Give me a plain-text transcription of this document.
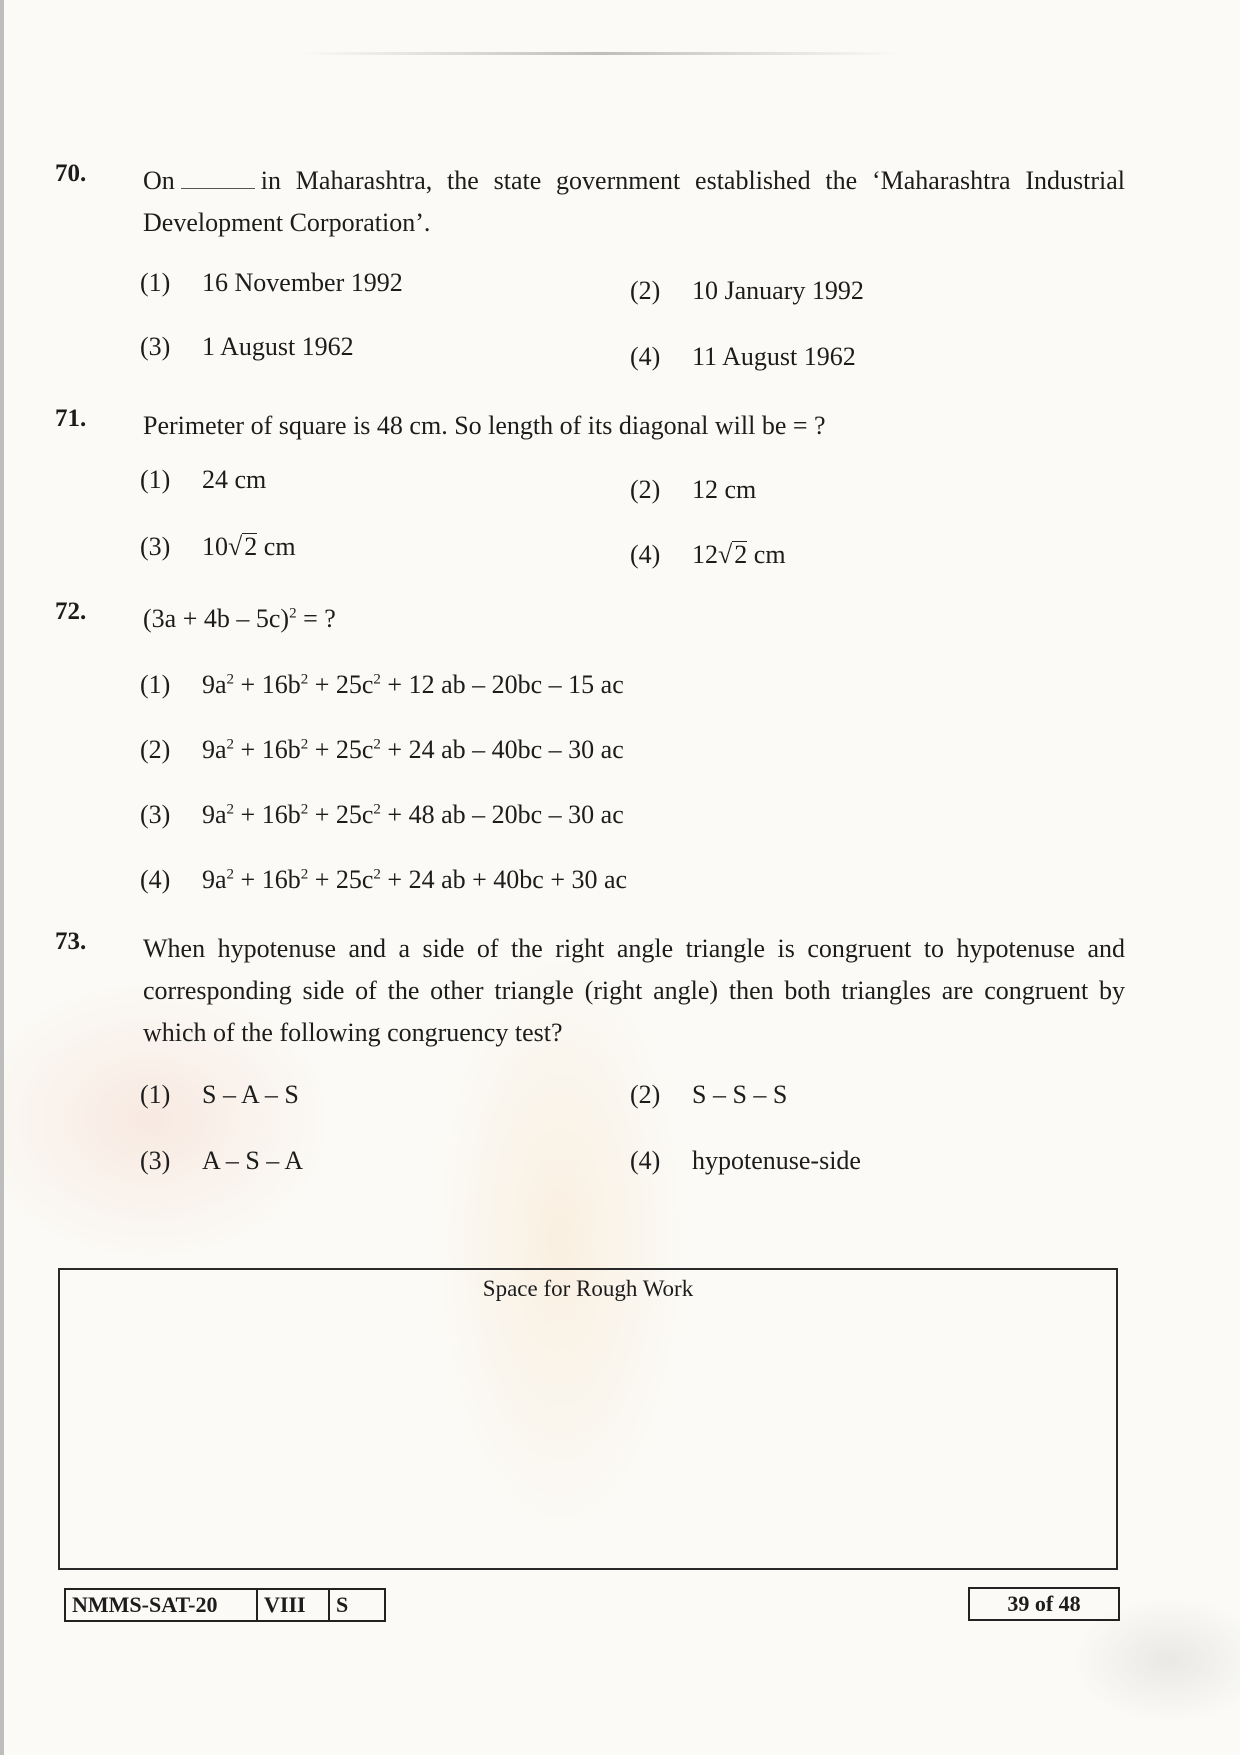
70. On	in Maharashtra, the state government established the ‘Maharashtra Industrial Development Corporation’.
(1) 16 November 1992	(2) 10 January 1992
(3) 1 August 1962	(4) 11 August 1962
71. Perimeter of square is 48 cm. So length of its diagonal will be = ?
(1) 24 cm	(2) 12 cm
(3) 10√2 cm	(4) 12√2 cm
72. $(3a + 4b - 5c)^2$ = ?
(1) $9a^2 + 16b^2 + 25c^2 + 12$ ab – 20bc – 15 ac
(2) $9a^2 + 16b^2 + 25c^2 + 24$ ab – 40bc – 30 ac
(3) $9a^2 + 16b^2 + 25c^2 + 48$ ab – 20bc – 30 ac
(4) $9a^2 + 16b^2 + 25c^2 + 24$ ab + 40bc + 30 ac
73. When hypotenuse and a side of the right angle triangle is congruent to hypotenuse and corresponding side of the other triangle (right angle) then both triangles are congruent by which of the following congruency test?
(1) S – A – S	(2) S – S – S
(3) A – S – A	(4) hypotenuse-side
Space for Rough Work
NMMS-SAT-20	VIII	S	39 of 48
